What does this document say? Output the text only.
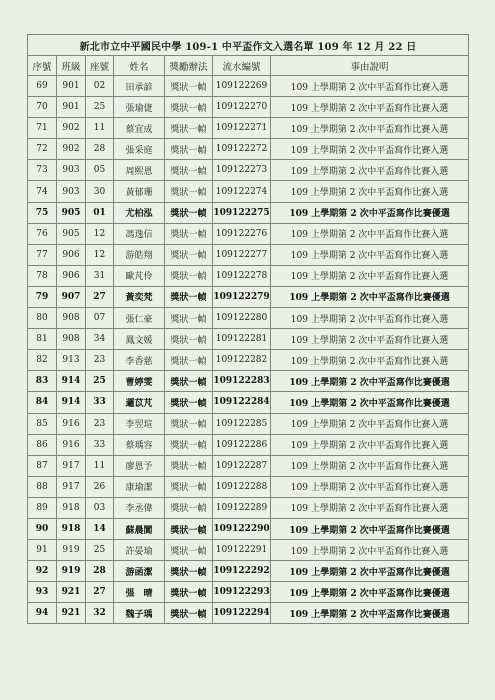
新北市立中平國民中學 109-1 中平盃作文入選名單 109 年 12 月 22 日						
序號	班級	座號	姓名	獎勵辦法	流水編號	事由說明
69	901	02	田承諺	獎狀一幀	109122269	109 上學期第 2 次中平盃寫作比賽入選
70	901	25	張瑜倢	獎狀一幀	109122270	109 上學期第 2 次中平盃寫作比賽入選
71	902	11	蔡宜成	獎狀一幀	109122271	109 上學期第 2 次中平盃寫作比賽入選
72	902	28	張采庭	獎狀一幀	109122272	109 上學期第 2 次中平盃寫作比賽入選
73	903	05	周熙恩	獎狀一幀	109122273	109 上學期第 2 次中平盃寫作比賽入選
74	903	30	黃郁珊	獎狀一幀	109122274	109 上學期第 2 次中平盃寫作比賽入選
75	905	01	尤柏泓	獎狀一幀	109122275	109 上學期第 2 次中平盃寫作比賽優選
76	905	12	馮逸信	獎狀一幀	109122276	109 上學期第 2 次中平盃寫作比賽入選
77	906	12	游皓翔	獎狀一幀	109122277	109 上學期第 2 次中平盃寫作比賽入選
78	906	31	歐芃伶	獎狀一幀	109122278	109 上學期第 2 次中平盃寫作比賽入選
79	907	27	黃奕梵	獎狀一幀	109122279	109 上學期第 2 次中平盃寫作比賽優選
80	908	07	張仁豪	獎狀一幀	109122280	109 上學期第 2 次中平盃寫作比賽入選
81	908	34	鳳文媛	獎狀一幀	109122281	109 上學期第 2 次中平盃寫作比賽入選
82	913	23	李香慈	獎狀一幀	109122282	109 上學期第 2 次中平盃寫作比賽入選
83	914	25	曹婷雯	獎狀一幀	109122283	109 上學期第 2 次中平盃寫作比賽優選
84	914	33	邏苡芃	獎狀一幀	109122284	109 上學期第 2 次中平盃寫作比賽優選
85	916	23	李翌瑄	獎狀一幀	109122285	109 上學期第 2 次中平盃寫作比賽入選
86	916	33	蔡瑀容	獎狀一幀	109122286	109 上學期第 2 次中平盃寫作比賽入選
87	917	11	廖恩予	獎狀一幀	109122287	109 上學期第 2 次中平盃寫作比賽入選
88	917	26	康瑜潔	獎狀一幀	109122288	109 上學期第 2 次中平盃寫作比賽入選
89	918	03	李丞偉	獎狀一幀	109122289	109 上學期第 2 次中平盃寫作比賽入選
90	918	14	蘇晨閬	獎狀一幀	109122290	109 上學期第 2 次中平盃寫作比賽優選
91	919	25	許晏瑜	獎狀一幀	109122291	109 上學期第 2 次中平盃寫作比賽入選
92	919	28	游函潔	獎狀一幀	109122292	109 上學期第 2 次中平盃寫作比賽優選
93	921	27	張　晴	獎狀一幀	109122293	109 上學期第 2 次中平盃寫作比賽優選
94	921	32	魏子瑀	獎狀一幀	109122294	109 上學期第 2 次中平盃寫作比賽優選
